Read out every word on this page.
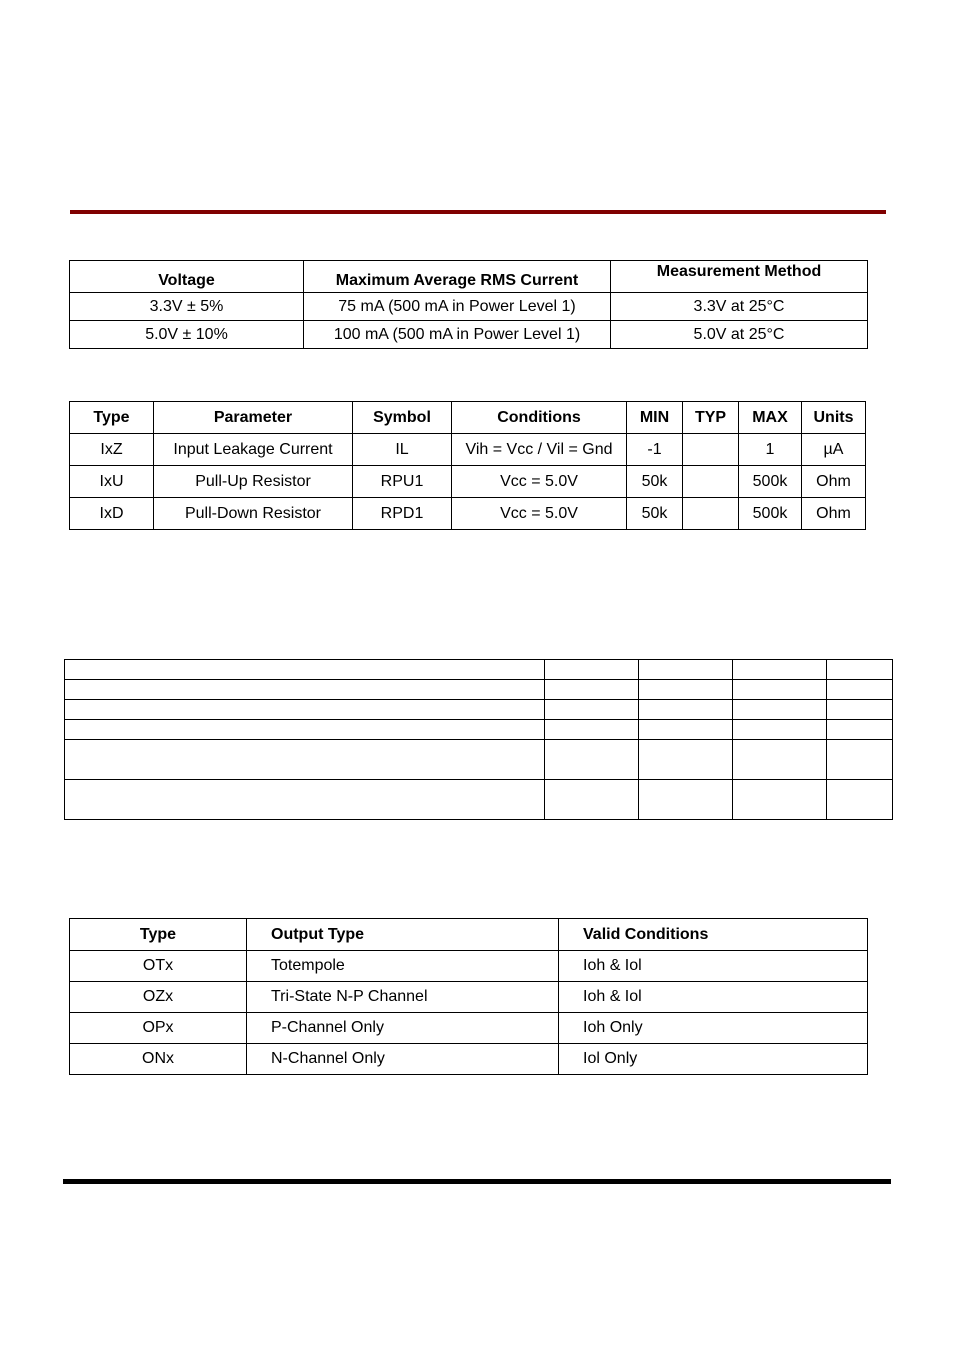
Voltage	Maximum Average RMS Current	Measurement Method
3.3V ± 5%	75 mA (500 mA in Power Level 1)	3.3V at 25°C
5.0V ± 10%	100 mA (500 mA in Power Level 1)	5.0V at 25°C
Type	Parameter	Symbol	Conditions	MIN	TYP	MAX	Units
IxZ	Input Leakage Current	IL	Vih = Vcc / Vil = Gnd	-1		1	µA
IxU	Pull-Up Resistor	RPU1	Vcc = 5.0V	50k		500k	Ohm
IxD	Pull-Down Resistor	RPD1	Vcc = 5.0V	50k		500k	Ohm

Type	Output Type	Valid Conditions
OTx	Totempole	Ioh & Iol
OZx	Tri-State N-P Channel	Ioh & Iol
OPx	P-Channel Only	Ioh Only
ONx	N-Channel Only	Iol Only
